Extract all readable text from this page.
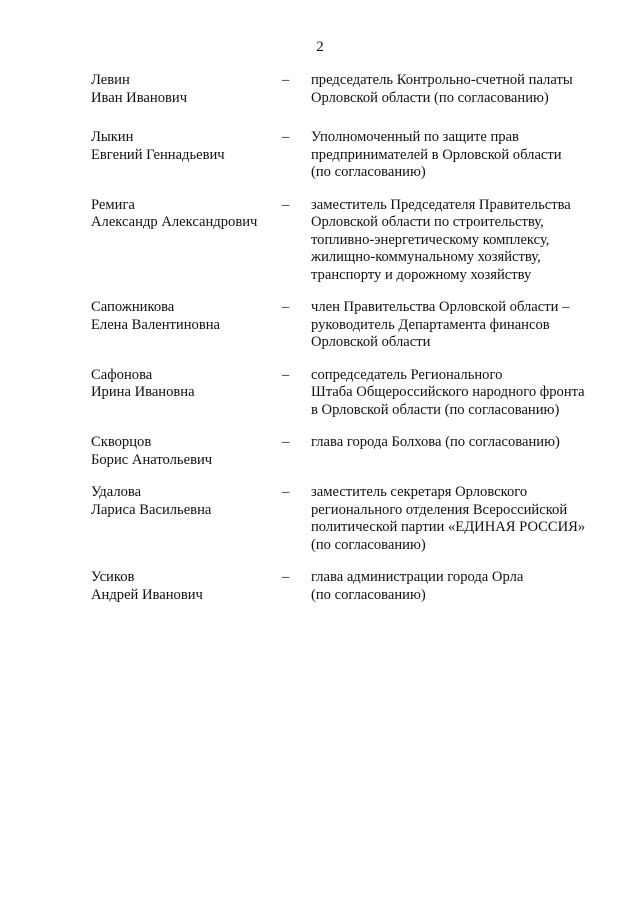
2
Левин
Иван Иванович
–	председатель Контрольно-счетной палаты
Орловской области (по согласованию)
Лыкин
Евгений Геннадьевич
–	Уполномоченный по защите прав
предпринимателей в Орловской области
(по согласованию)
Ремига
Александр Александрович
–	заместитель Председателя Правительства
Орловской области по строительству,
топливно-энергетическому комплексу,
жилищно-коммунальному хозяйству,
транспорту и дорожному хозяйству
Сапожникова
Елена Валентиновна
–	член Правительства Орловской области –
руководитель Департамента финансов
Орловской области
Сафонова
Ирина Ивановна
–	сопредседатель Регионального
Штаба Общероссийского народного фронта
в Орловской области (по согласованию)
Скворцов
Борис Анатольевич
–	глава города Болхова (по согласованию)
Удалова
Лариса Васильевна
–	заместитель секретаря Орловского
регионального отделения Всероссийской
политической партии «ЕДИНАЯ РОССИЯ»
(по согласованию)
Усиков
Андрей Иванович
–	глава администрации города Орла
(по согласованию)
